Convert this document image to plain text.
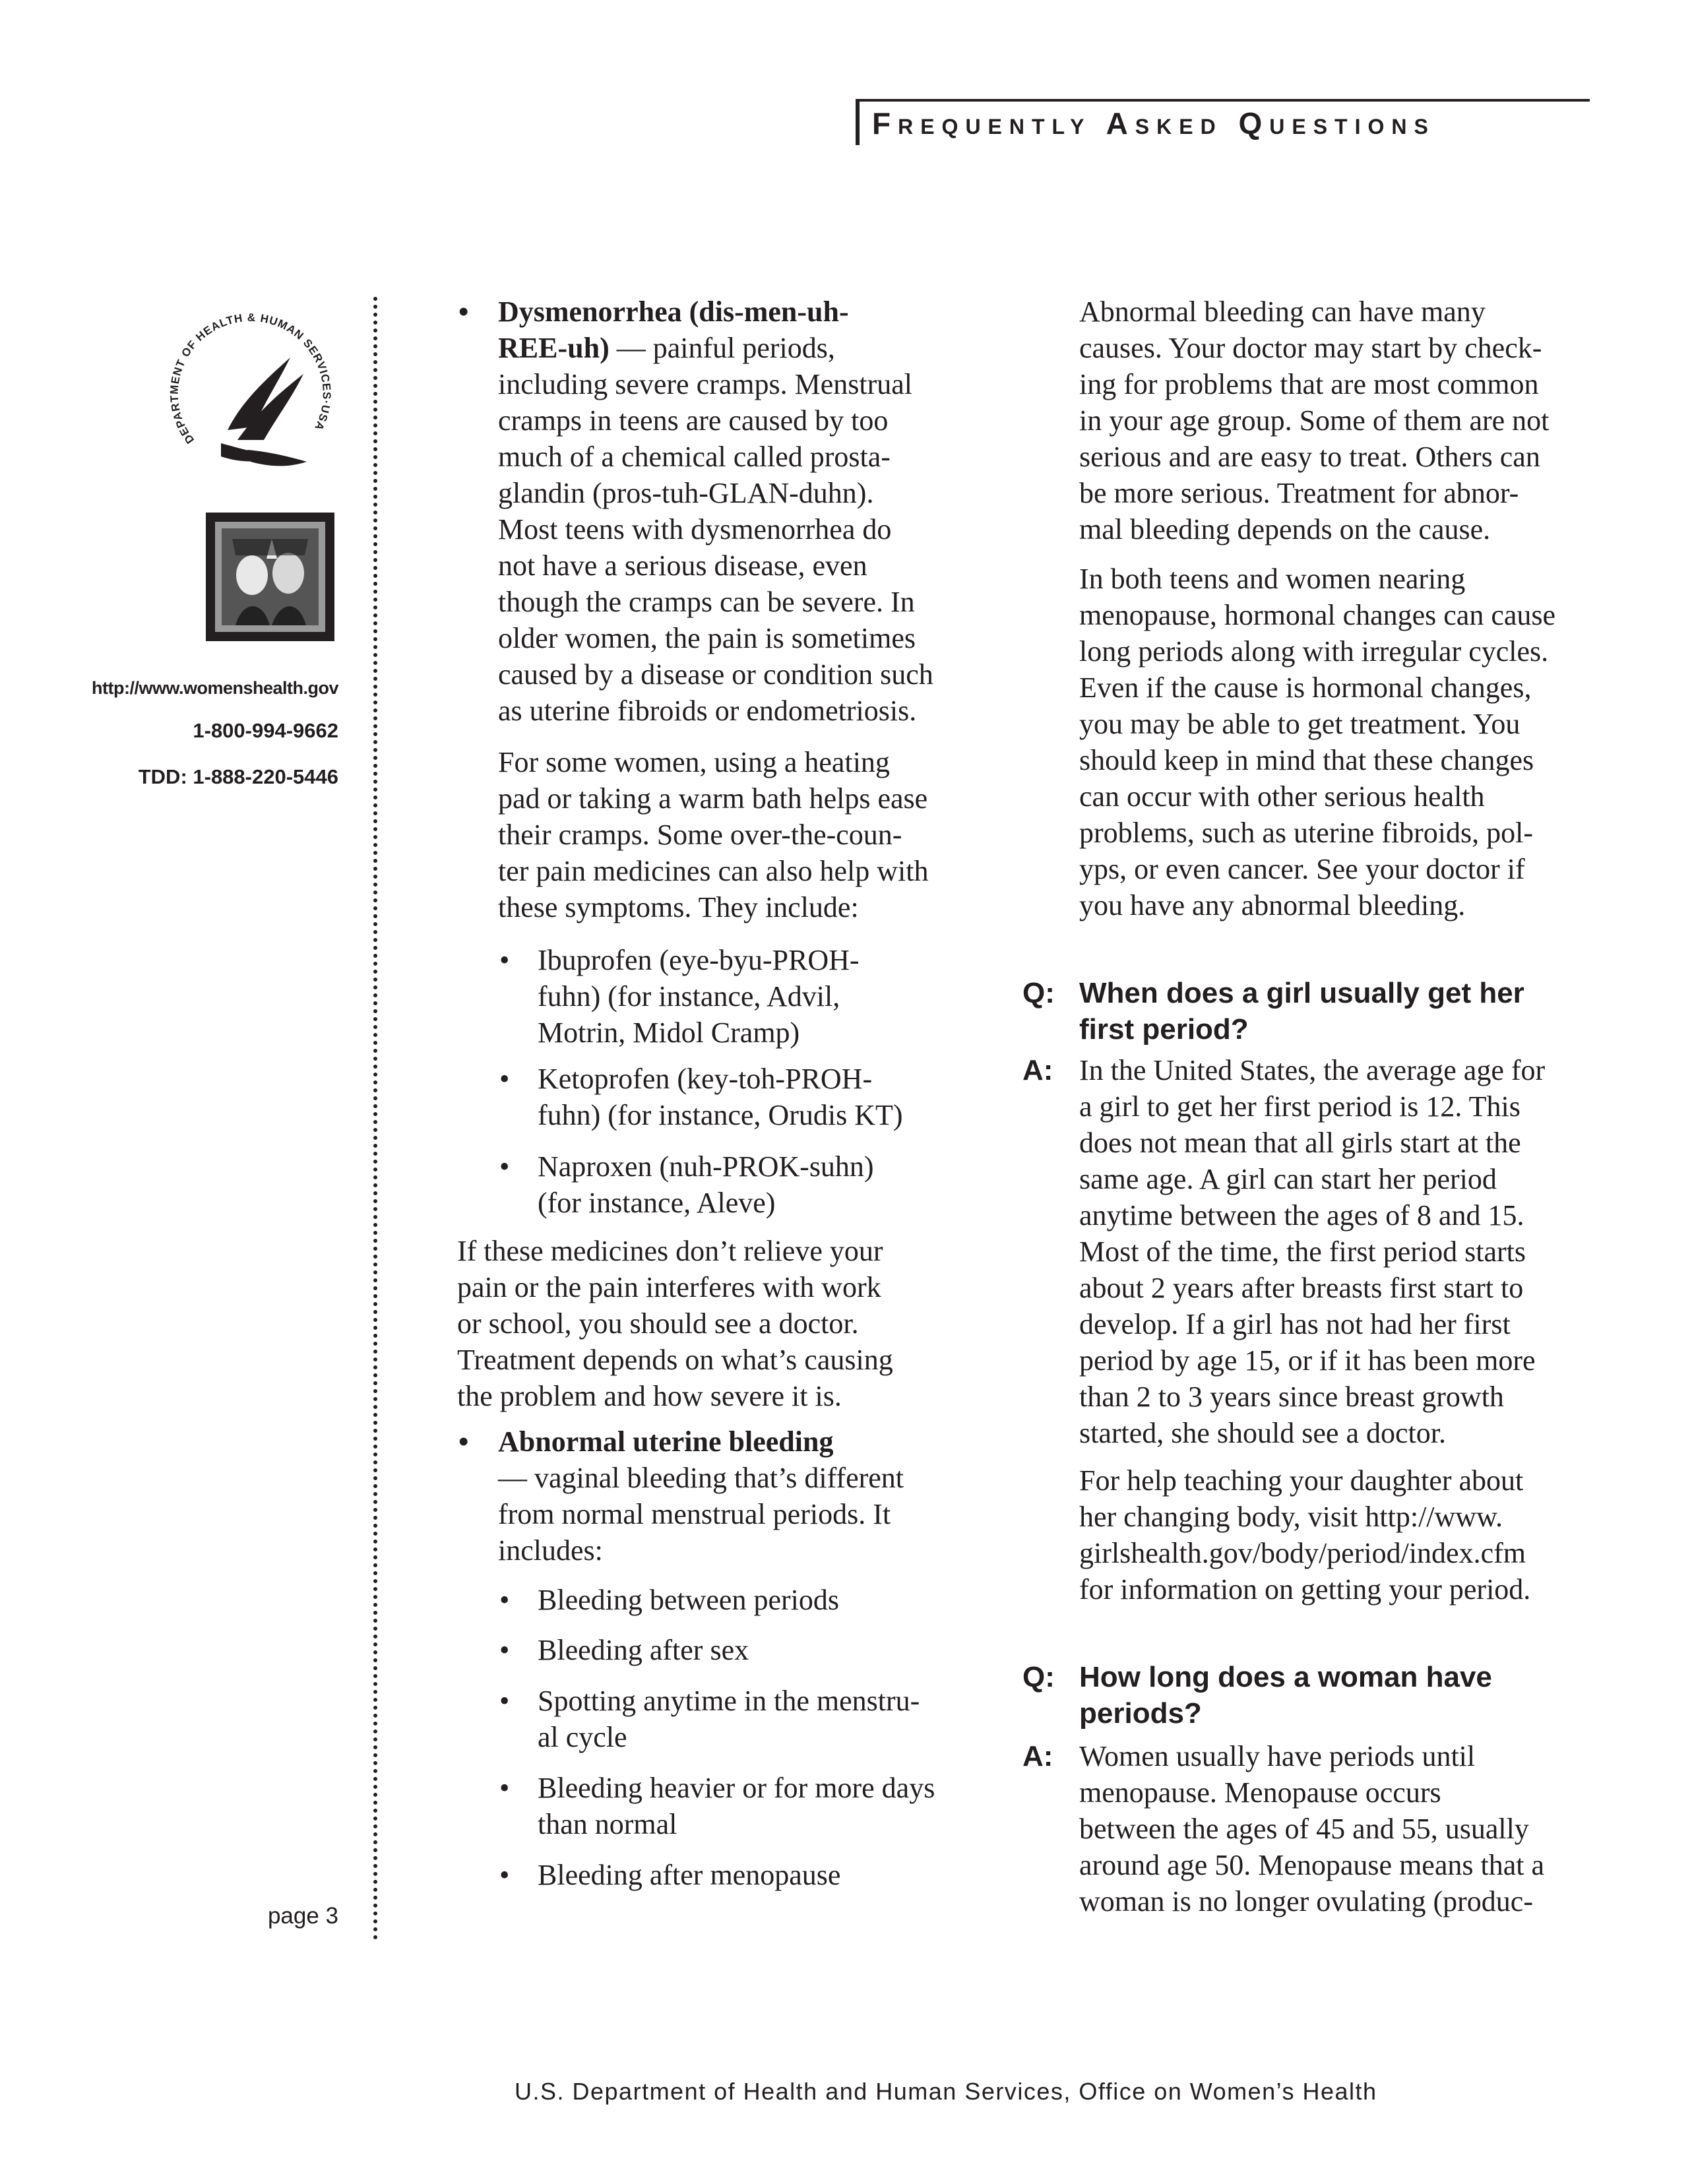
Frequently Asked Questions
DEPARTMENT OF HEALTH & HUMAN SERVICES·USA
http://www.womenshealth.gov
1-800-994-9662
TDD: 1-888-220-5446
page 3
• Dysmenorrhea (dis-men-uh-
REE-uh) — painful periods,
including severe cramps. Menstrual
cramps in teens are caused by too
much of a chemical called prosta-
glandin (pros-tuh-GLAN-duhn).
Most teens with dysmenorrhea do
not have a serious disease, even
though the cramps can be severe. In
older women, the pain is sometimes
caused by a disease or condition such
as uterine fibroids or endometriosis.
For some women, using a heating
pad or taking a warm bath helps ease
their cramps. Some over-the-coun-
ter pain medicines can also help with
these symptoms. They include:
• Ibuprofen (eye-byu-PROH-
fuhn) (for instance, Advil,
Motrin, Midol Cramp)
• Ketoprofen (key-toh-PROH-
fuhn) (for instance, Orudis KT)
• Naproxen (nuh-PROK-suhn)
(for instance, Aleve)
If these medicines don’t relieve your
pain or the pain interferes with work
or school, you should see a doctor.
Treatment depends on what’s causing
the problem and how severe it is.
• Abnormal uterine bleeding
— vaginal bleeding that’s different
from normal menstrual periods. It
includes:
• Bleeding between periods
• Bleeding after sex
• Spotting anytime in the menstru-
al cycle
• Bleeding heavier or for more days
than normal
• Bleeding after menopause
Abnormal bleeding can have many
causes. Your doctor may start by check-
ing for problems that are most common
in your age group. Some of them are not
serious and are easy to treat. Others can
be more serious. Treatment for abnor-
mal bleeding depends on the cause.
In both teens and women nearing
menopause, hormonal changes can cause
long periods along with irregular cycles.
Even if the cause is hormonal changes,
you may be able to get treatment. You
should keep in mind that these changes
can occur with other serious health
problems, such as uterine fibroids, pol-
yps, or even cancer. See your doctor if
you have any abnormal bleeding.
Q: When does a girl usually get her
first period?
A: In the United States, the average age for
a girl to get her first period is 12. This
does not mean that all girls start at the
same age. A girl can start her period
anytime between the ages of 8 and 15.
Most of the time, the first period starts
about 2 years after breasts first start to
develop. If a girl has not had her first
period by age 15, or if it has been more
than 2 to 3 years since breast growth
started, she should see a doctor.
For help teaching your daughter about
her changing body, visit http://www.
girlshealth.gov/body/period/index.cfm
for information on getting your period.
Q: How long does a woman have
periods?
A: Women usually have periods until
menopause. Menopause occurs
between the ages of 45 and 55, usually
around age 50. Menopause means that a
woman is no longer ovulating (produc-
U.S. Department of Health and Human Services, Office on Women’s Health
